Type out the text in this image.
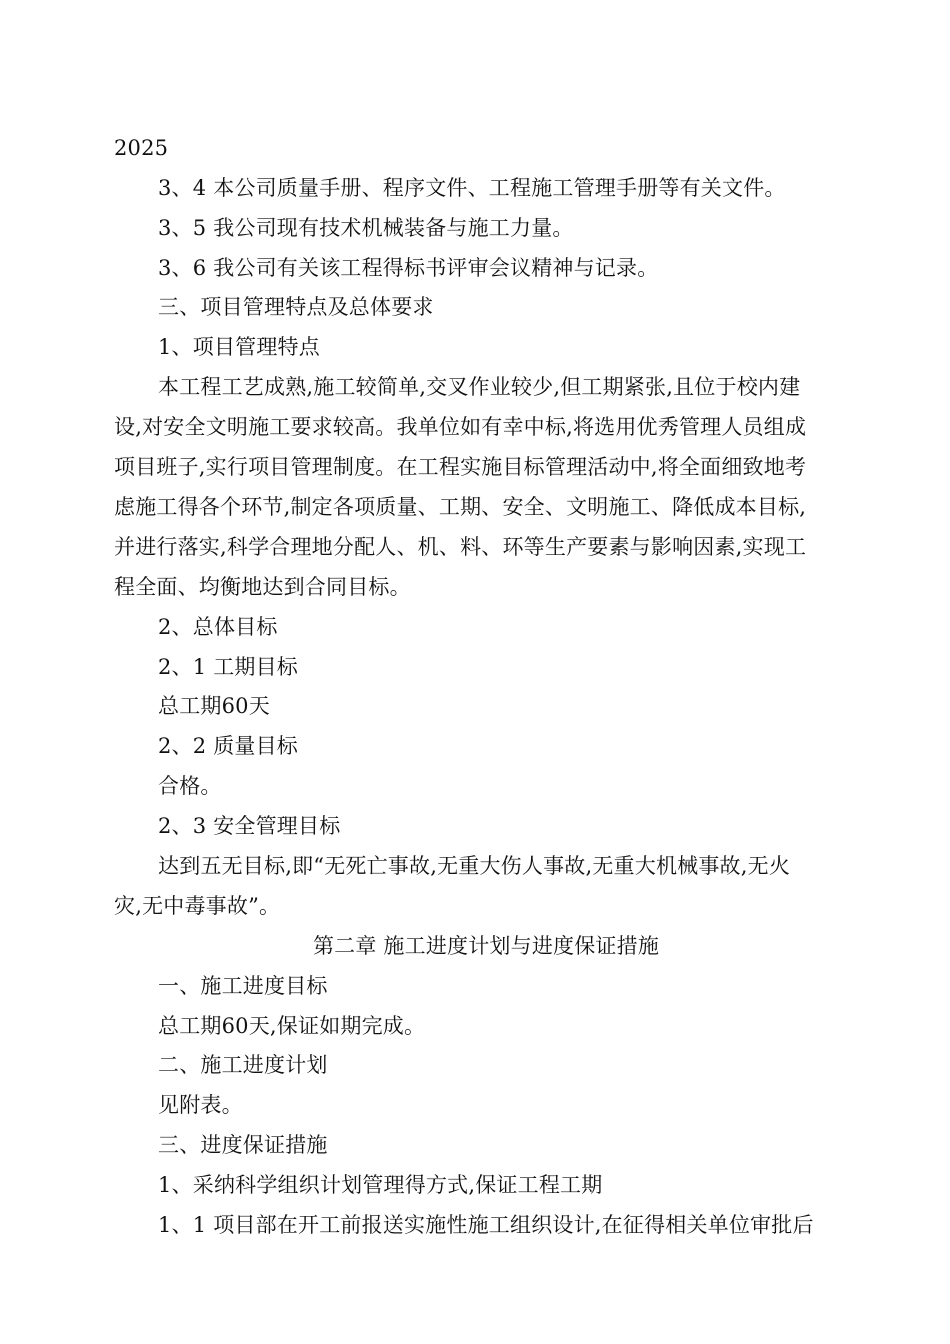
2025
3、4 本公司质量手册、程序文件、工程施工管理手册等有关文件。
3、5 我公司现有技术机械装备与施工力量。
3、6 我公司有关该工程得标书评审会议精神与记录。
三、项目管理特点及总体要求
1、项目管理特点
本工程工艺成熟,施工较简单,交叉作业较少,但工期紧张,且位于校内建
设,对安全文明施工要求较高。我单位如有幸中标,将选用优秀管理人员组成
项目班子,实行项目管理制度。在工程实施目标管理活动中,将全面细致地考
虑施工得各个环节,制定各项质量、工期、安全、文明施工、降低成本目标,
并进行落实,科学合理地分配人、机、料、环等生产要素与影响因素,实现工
程全面、均衡地达到合同目标。
2、总体目标
2、1 工期目标
总工期60天
2、2 质量目标
合格。
2、3 安全管理目标
达到五无目标,即“无死亡事故,无重大伤人事故,无重大机械事故,无火
灾,无中毒事故”。
第二章 施工进度计划与进度保证措施
一、施工进度目标
总工期60天,保证如期完成。
二、施工进度计划
见附表。
三、进度保证措施
1、采纳科学组织计划管理得方式,保证工程工期
1、1 项目部在开工前报送实施性施工组织设计,在征得相关单位审批后
